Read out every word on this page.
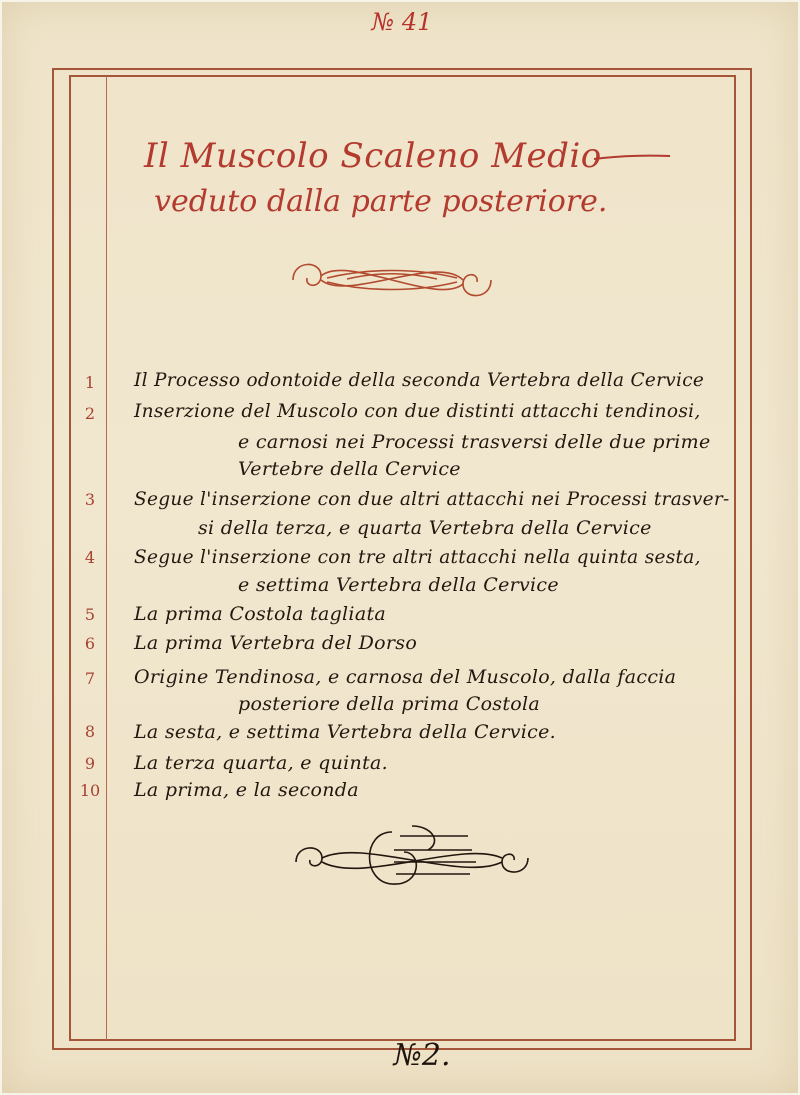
№ 41
Il Muscolo Scaleno Medio
veduto dalla parte posteriore.
1
2
3
4
5
6
7
8
9
10
Il Processo odontoide della seconda Vertebra della Cervice
Inserzione del Muscolo con due distinti attacchi tendinosi,
e carnosi nei Processi trasversi delle due prime
Vertebre della Cervice
Segue l'inserzione con due altri attacchi nei Processi trasver-
si della terza, e quarta Vertebra della Cervice
Segue l'inserzione con tre altri attacchi nella quinta sesta,
e settima Vertebra della Cervice
La prima Costola tagliata
La prima Vertebra del Dorso
Origine Tendinosa, e carnosa del Muscolo, dalla faccia
posteriore della prima Costola
La sesta, e settima Vertebra della Cervice.
La terza quarta, e quinta.
La prima, e la seconda
№2.
